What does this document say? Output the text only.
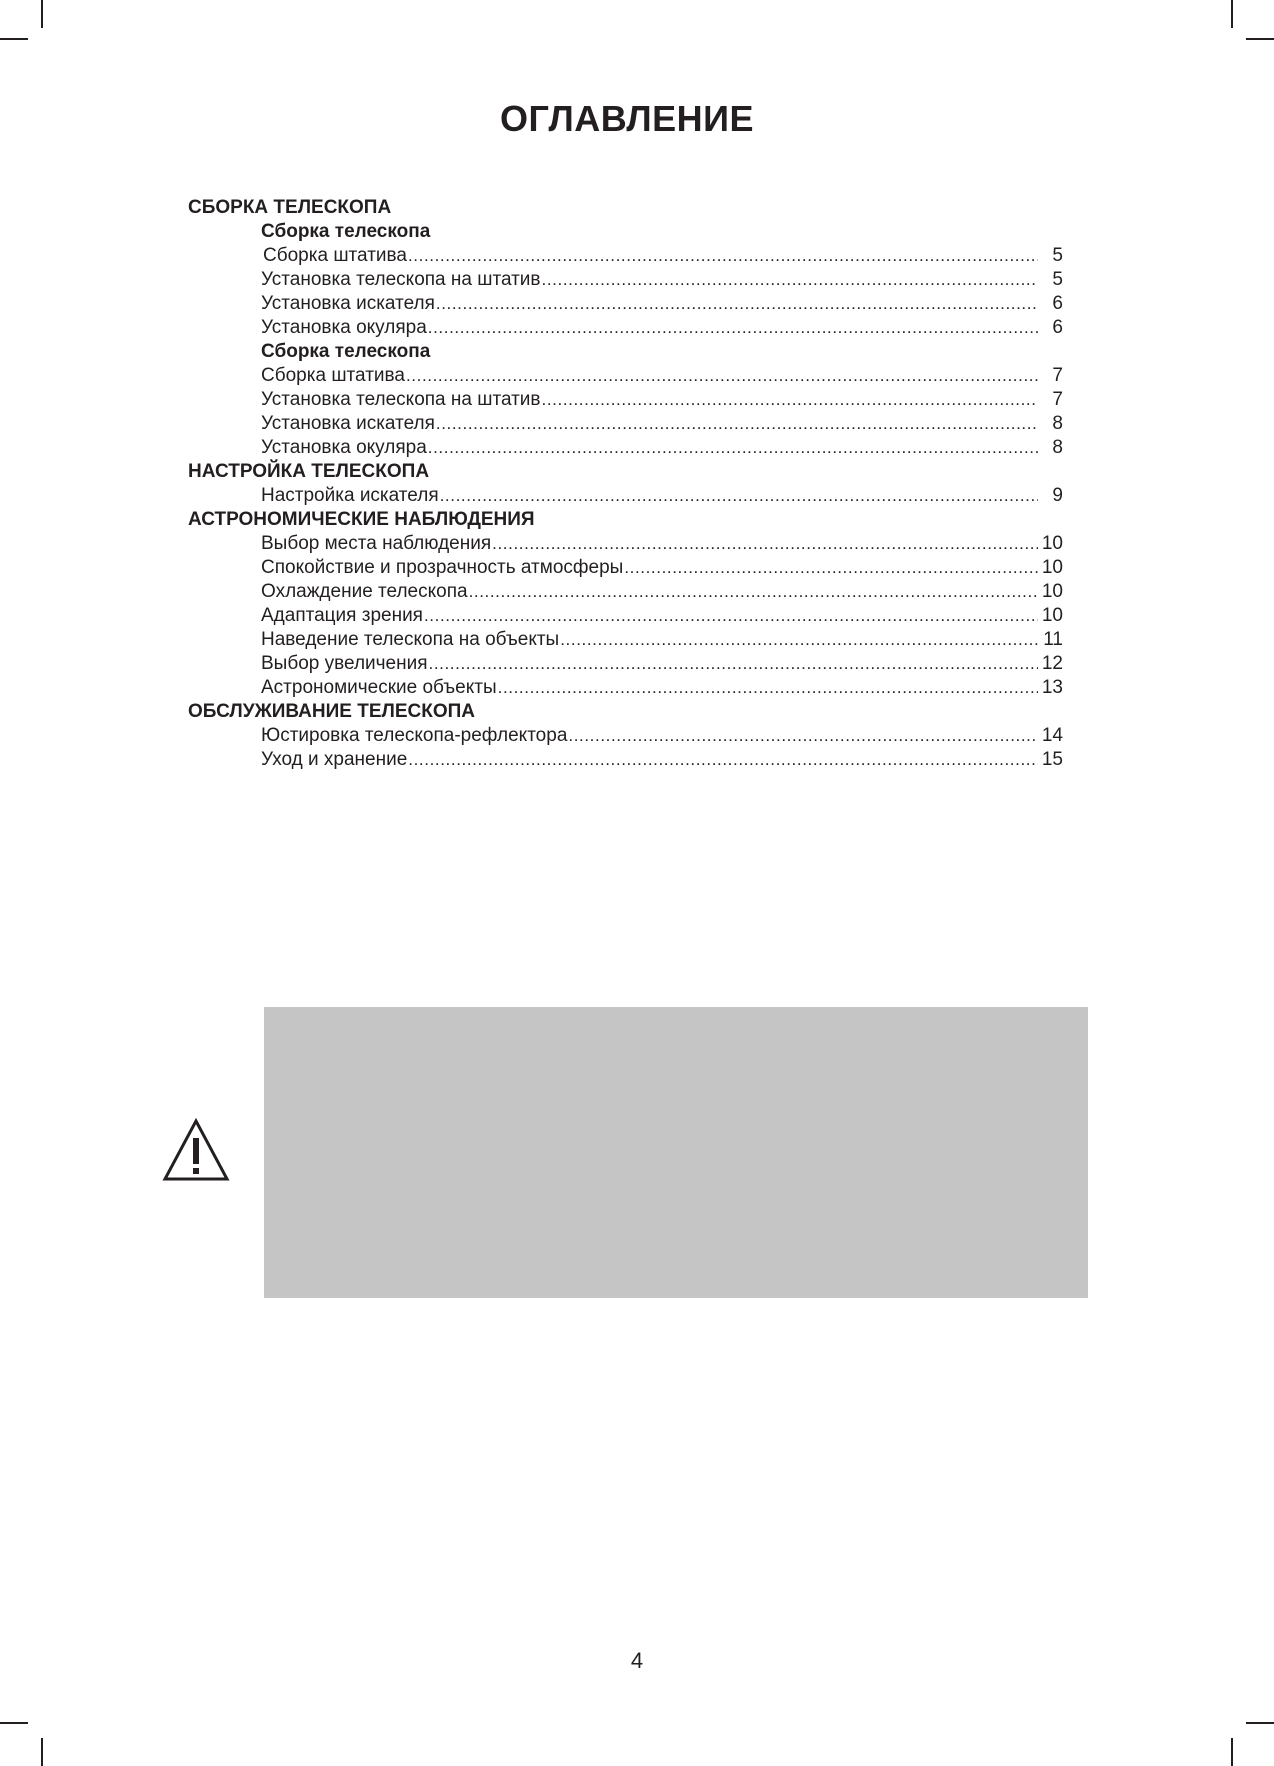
ОГЛАВЛЕНИЕ
СБОРКА ТЕЛЕСКОПА
Сборка телескопа
Сборка штатива .....	5
Установка телескопа на штатив .....	5
Установка искателя .....	6
Установка окуляра .....	6
Сборка телескопа
Сборка штатива .....	7
Установка телескопа на штатив .....	7
Установка искателя .....	8
Установка окуляра .....	8
НАСТРОЙКА ТЕЛЕСКОПА
Настройка искателя .....	9
АСТРОНОМИЧЕСКИЕ НАБЛЮДЕНИЯ
Выбор места наблюдения .....	10
Спокойствие и прозрачность атмосферы .....	10
Охлаждение телескопа .....	10
Адаптация зрения .....	10
Наведение телескопа на объекты .....	11
Выбор увеличения .....	12
Астрономические объекты .....	13
ОБСЛУЖИВАНИЕ ТЕЛЕСКОПА
Юстировка телескопа-рефлектора .....	14
Уход и хранение .....	15
4
